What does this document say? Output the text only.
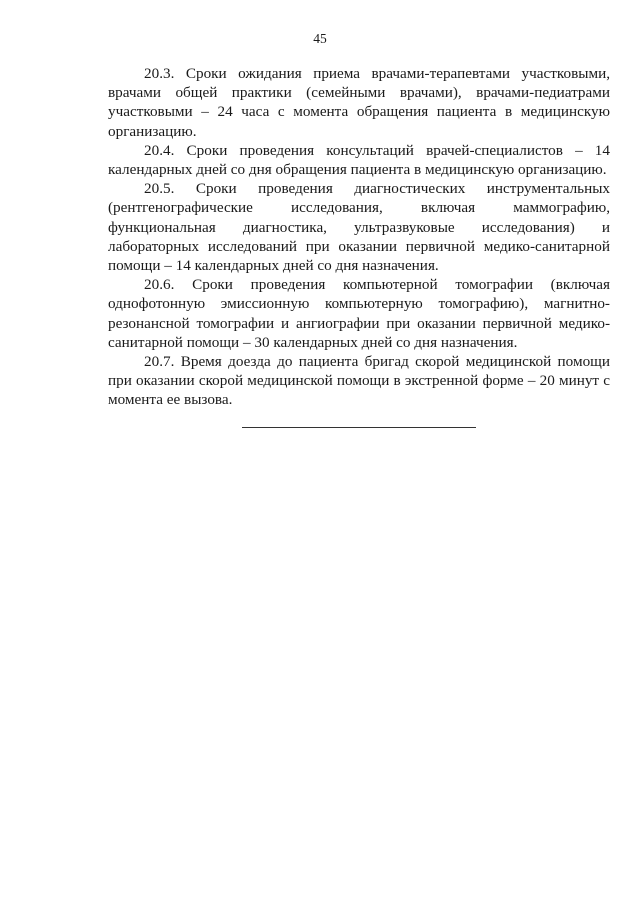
45

20.3. Сроки ожидания приема врачами-терапевтами участковыми, врачами общей практики (семейными врачами), врачами-педиатрами участковыми – 24 часа с момента обращения пациента в медицинскую организацию.

20.4. Сроки проведения консультаций врачей-специалистов – 14 календарных дней со дня обращения пациента в медицинскую организацию.

20.5. Сроки проведения диагностических инструментальных (рентгенографические исследования, включая маммографию, функциональная диагностика, ультразвуковые исследования) и лабораторных исследований при оказании первичной медико-санитарной помощи – 14 календарных дней со дня назначения.

20.6. Сроки проведения компьютерной томографии (включая однофотонную эмиссионную компьютерную томографию), магнитно-резонансной томографии и ангиографии при оказании первичной медико-санитарной помощи – 30 календарных дней со дня назначения.

20.7. Время доезда до пациента бригад скорой медицинской помощи при оказании скорой медицинской помощи в экстренной форме – 20 минут с момента ее вызова.
